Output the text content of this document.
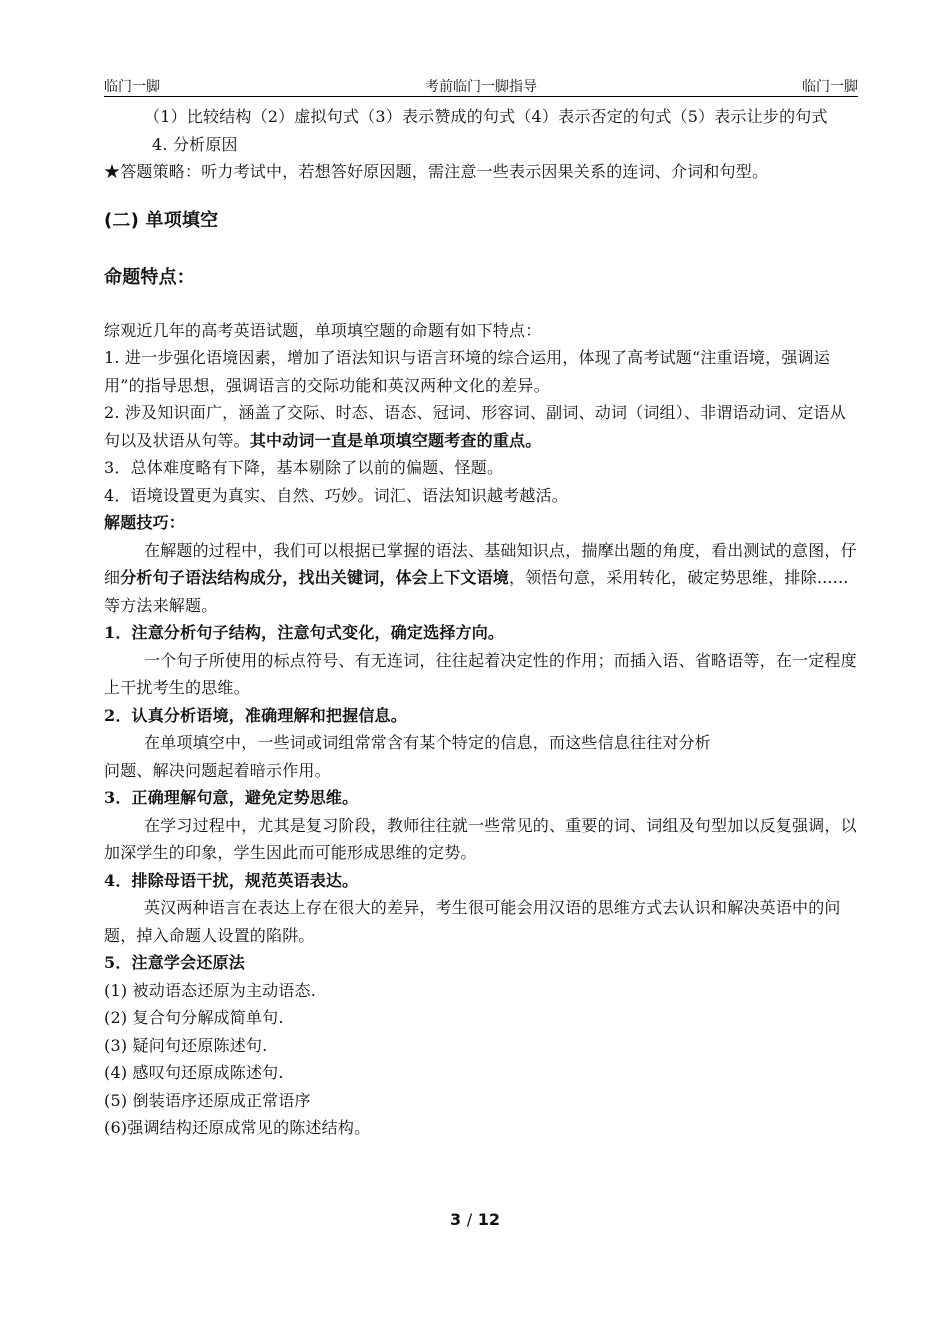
考前临门一脚指导
临门一脚	临门一脚

（1）比较结构（2）虚拟句式（3）表示赞成的句式（4）表示否定的句式（5）表示让步的句式

4. 分析原因

★答题策略：听力考试中，若想答好原因题，需注意一些表示因果关系的连词、介词和句型。

(二) 单项填空

命题特点：

综观近几年的高考英语试题，单项填空题的命题有如下特点：

1. 进一步强化语境因素，增加了语法知识与语言环境的综合运用，体现了高考试题“注重语境，强调运用”的指导思想，强调语言的交际功能和英汉两种文化的差异。

2. 涉及知识面广，涵盖了交际、时态、语态、冠词、形容词、副词、动词（词组）、非谓语动词、定语从句以及状语从句等。其中动词一直是单项填空题考查的重点。

3．总体难度略有下降，基本剔除了以前的偏题、怪题。

4．语境设置更为真实、自然、巧妙。词汇、语法知识越考越活。

解题技巧：

在解题的过程中，我们可以根据已掌握的语法、基础知识点，揣摩出题的角度，看出测试的意图，仔细分析句子语法结构成分，找出关键词，体会上下文语境，领悟句意，采用转化，破定势思维，排除......等方法来解题。

1．注意分析句子结构，注意句式变化，确定选择方向。

一个句子所使用的标点符号、有无连词，往往起着决定性的作用；而插入语、省略语等，在一定程度上干扰考生的思维。

2．认真分析语境，准确理解和把握信息。

在单项填空中，一些词或词组常常含有某个特定的信息，而这些信息往往对分析

问题、解决问题起着暗示作用。

3．正确理解句意，避免定势思维。

在学习过程中，尤其是复习阶段，教师往往就一些常见的、重要的词、词组及句型加以反复强调，以加深学生的印象，学生因此而可能形成思维的定势。

4．排除母语干扰，规范英语表达。

英汉两种语言在表达上存在很大的差异，考生很可能会用汉语的思维方式去认识和解决英语中的问题，掉入命题人设置的陷阱。

5．注意学会还原法

(1) 被动语态还原为主动语态.

(2) 复合句分解成简单句.

(3) 疑问句还原陈述句.

(4) 感叹句还原成陈述句.

(5) 倒装语序还原成正常语序

(6)强调结构还原成常见的陈述结构。

3 / 12
